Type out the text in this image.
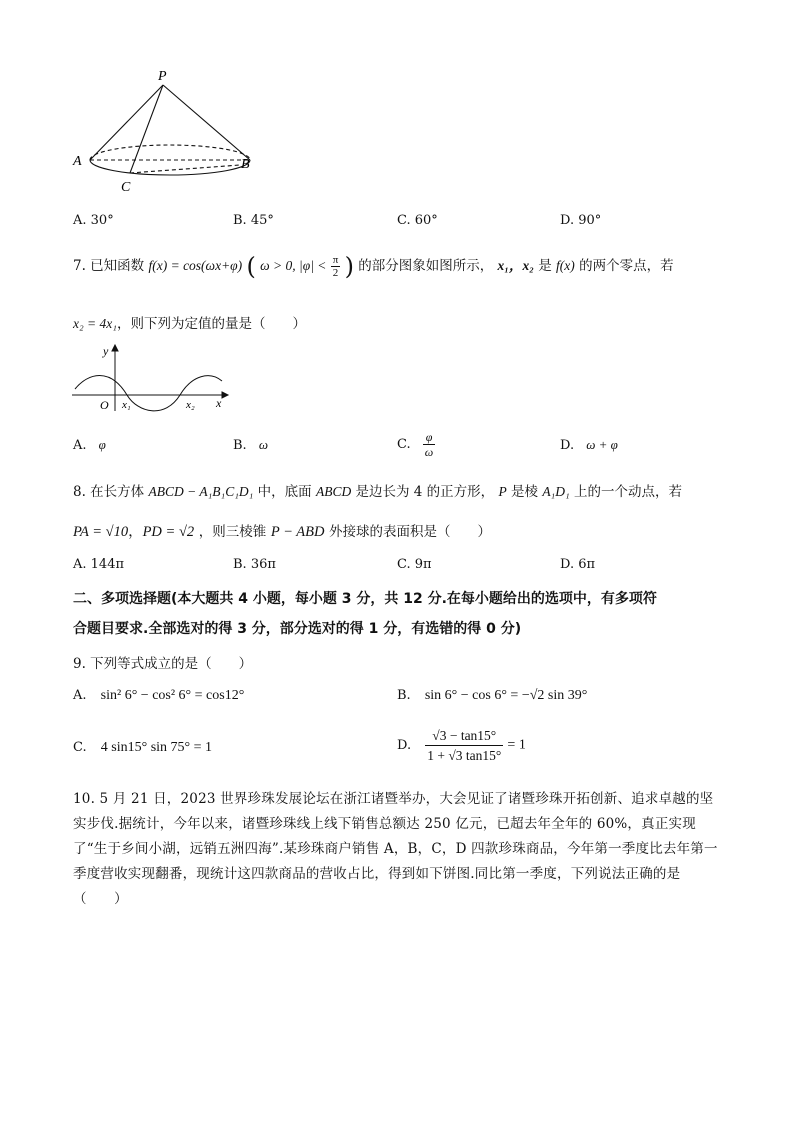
P
A	B
C
A. 30°	B. 45°	C. 60°	D. 90°
7. 已知函数 f(x) = cos(ωx+φ) ( ω > 0, $|\varphi| < \frac{\pi}{2}$ ) 的部分图象如图所示， x₁，x₂ 是 f(x) 的两个零点，若
x₂ = 4x₁，则下列为定值的量是（　　）
y
O x₁	x₂ x
A. φ	B. ω	C. $\frac{\varphi}{\omega}$	D. ω + φ
8. 在长方体 ABCD − A₁B₁C₁D₁ 中，底面 ABCD 是边长为 4 的正方形， P 是棱 A₁D₁ 上的一个动点，若
PA = √10，PD = √2 ，则三棱锥 P − ABD 外接球的表面积是（　　）
A. 144π	B. 36π	C. 9π	D. 6π
二、多项选择题(本大题共 4 小题，每小题 3 分，共 12 分.在每小题给出的选项中，有多项符
合题目要求.全部选对的得 3 分，部分选对的得 1 分，有选错的得 0 分)
9. 下列等式成立的是（　　）
A. sin² 6° − cos² 6° = cos12°	B. sin 6° − cos 6° = −√2 sin 39°
C. 4 sin15° sin 75° = 1	D. $\frac{√3 - \tan 15^\circ}{1 + √3 \tan 15^\circ} = 1$
10. 5 月 21 日，2023 世界珍珠发展论坛在浙江诸暨举办，大会见证了诸暨珍珠开拓创新、追求卓越的坚实步伐.据统计，今年以来，诸暨珍珠线上线下销售总额达 250 亿元，已超去年全年的 60%，真正实现了“生于乡间小湖，远销五洲四海”.某珍珠商户销售 A，B，C，D 四款珍珠商品，今年第一季度比去年第一季度营收实现翻番，现统计这四款商品的营收占比，得到如下饼图.同比第一季度，下列说法正确的是（　　）
